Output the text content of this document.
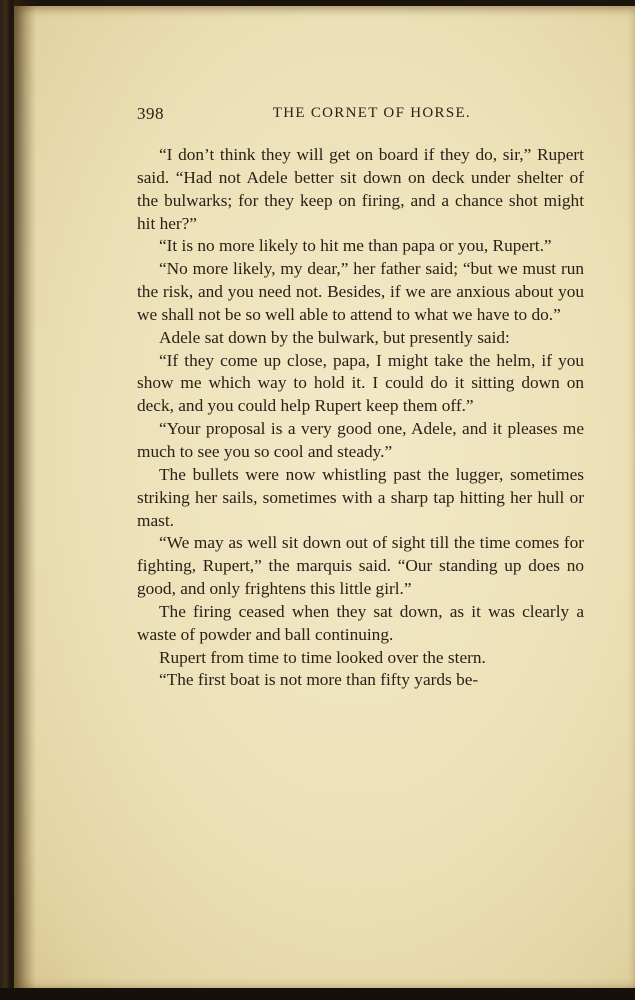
398	THE CORNET OF HORSE.

“I don’t think they will get on board if they do, sir,” Rupert said. “Had not Adele better sit down on deck under shelter of the bulwarks; for they keep on firing, and a chance shot might hit her?”

“It is no more likely to hit me than papa or you, Rupert.”

“No more likely, my dear,” her father said; “but we must run the risk, and you need not. Besides, if we are anxious about you we shall not be so well able to attend to what we have to do.”

Adele sat down by the bulwark, but presently said:

“If they come up close, papa, I might take the helm, if you show me which way to hold it. I could do it sitting down on deck, and you could help Rupert keep them off.”

“Your proposal is a very good one, Adele, and it pleases me much to see you so cool and steady.”

The bullets were now whistling past the lugger, sometimes striking her sails, sometimes with a sharp tap hitting her hull or mast.

“We may as well sit down out of sight till the time comes for fighting, Rupert,” the marquis said. “Our standing up does no good, and only frightens this little girl.”

The firing ceased when they sat down, as it was clearly a waste of powder and ball continuing.

Rupert from time to time looked over the stern.

“The first boat is not more than fifty yards be-
